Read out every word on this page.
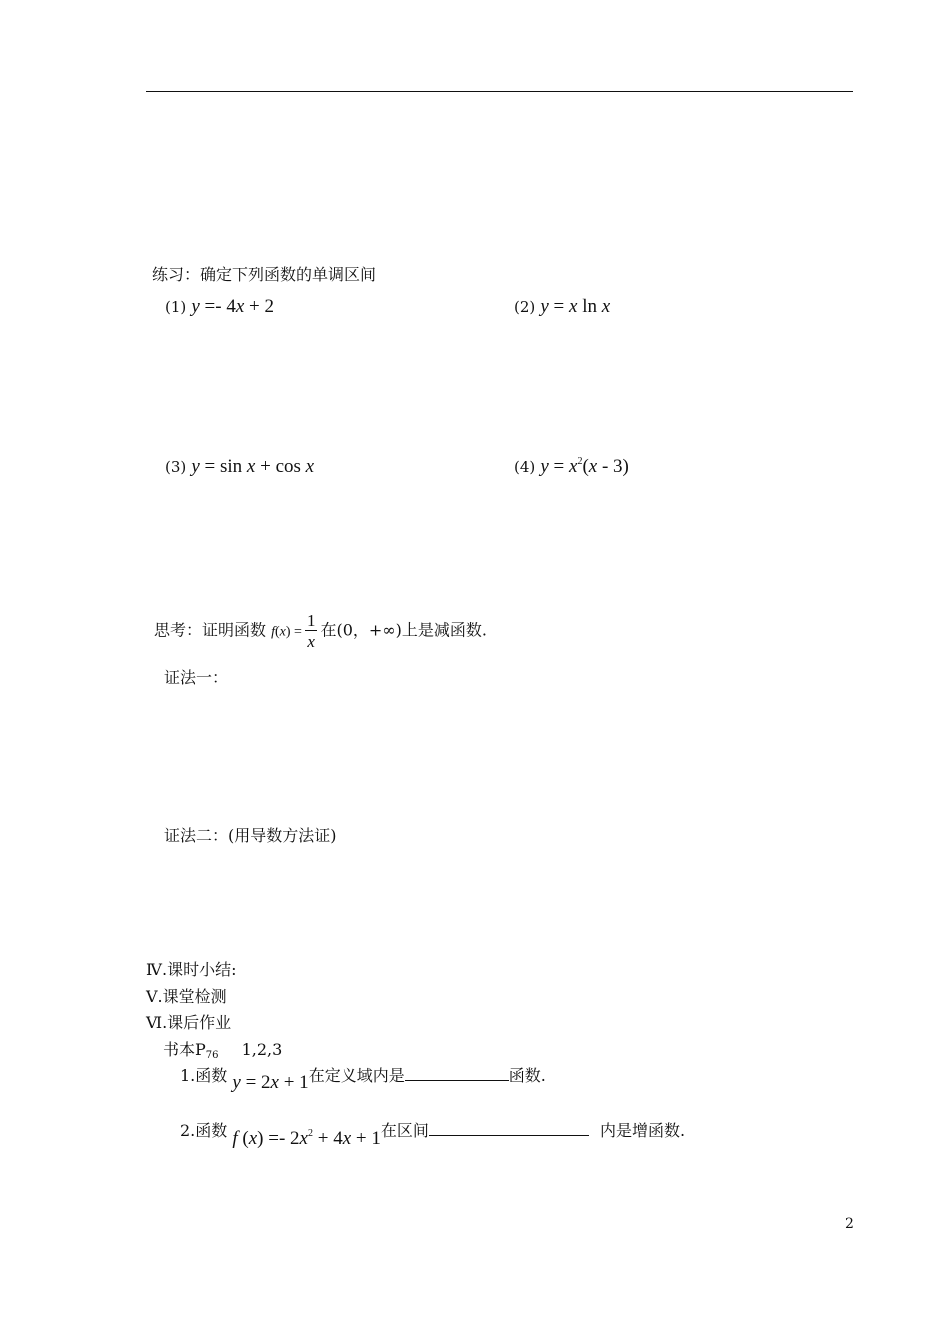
练习：确定下列函数的单调区间
(1) y =- 4x + 2	(2) y = x ln x
(3) y = sin x + cos x	(4) $y = x^2(x - 3)$
思考：证明函数 $f(x) = \frac{1}{x}$ 在(0，+∞)上是减函数.
证法一：
证法二：(用导数方法证)
Ⅳ.课时小结:
Ⅴ.课堂检测
Ⅵ.课后作业
书本$P_{76}$ 1,2,3
1.函数 y = 2x + 1在定义域内是	函数.
2.函数 f $(x) =- 2x^2 + 4x + 1$在区间	内是增函数.
2
